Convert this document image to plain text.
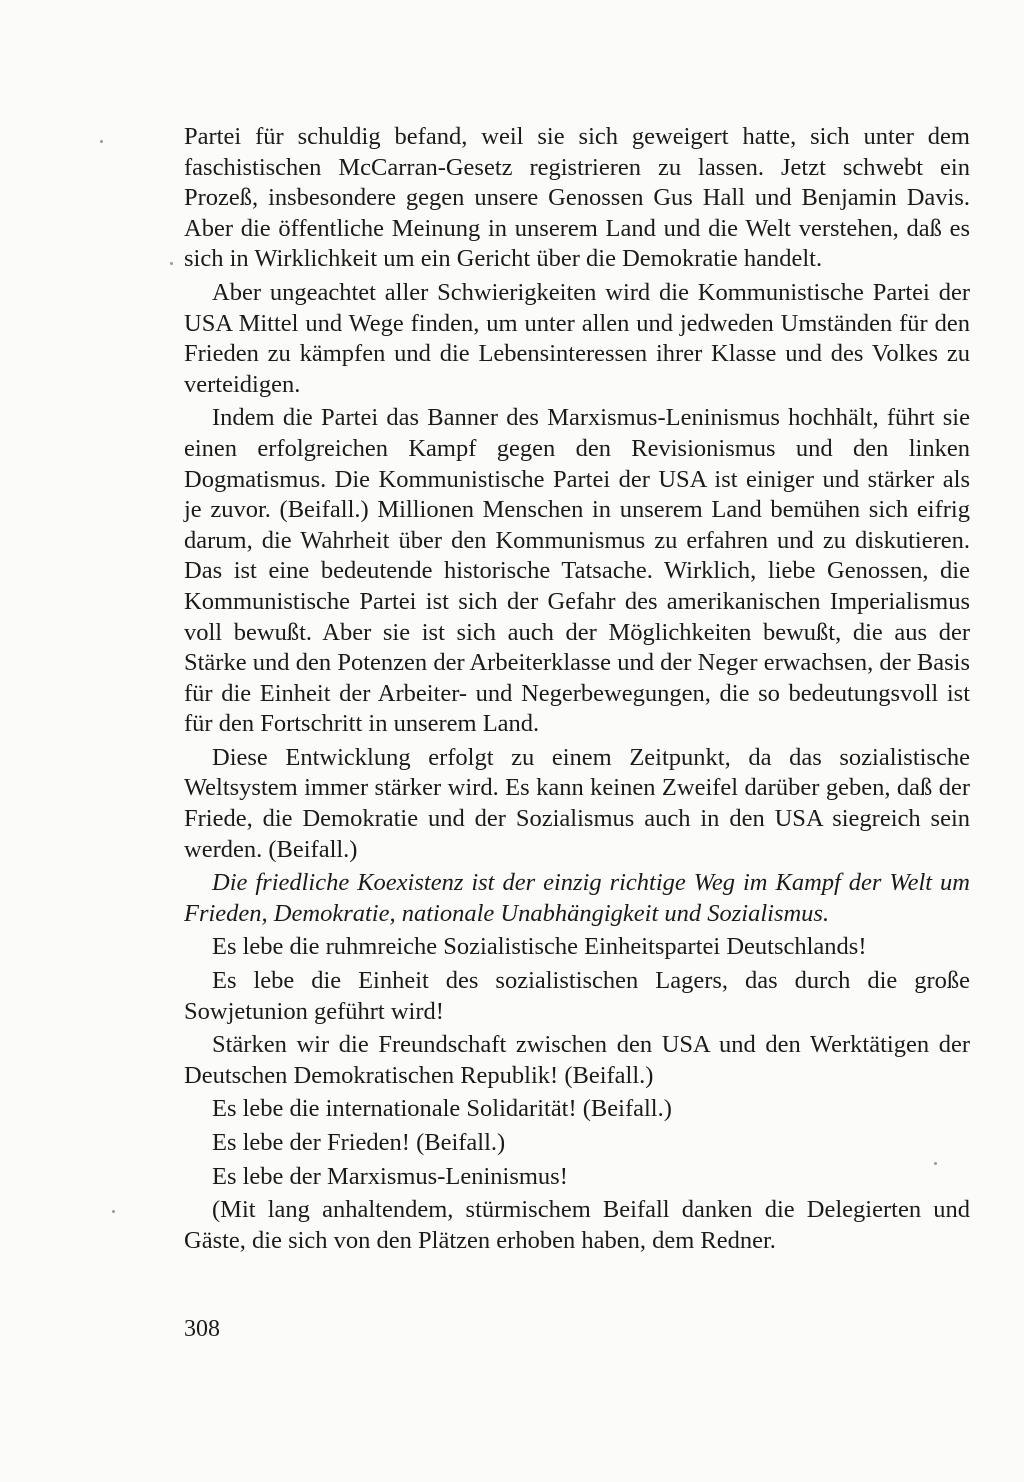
Partei für schuldig befand, weil sie sich geweigert hatte, sich unter dem faschistischen McCarran-Gesetz registrieren zu lassen. Jetzt schwebt ein Prozeß, insbesondere gegen unsere Genossen Gus Hall und Benjamin Davis. Aber die öffentliche Meinung in unserem Land und die Welt verstehen, daß es sich in Wirklichkeit um ein Gericht über die Demokratie handelt.

Aber ungeachtet aller Schwierigkeiten wird die Kommunistische Partei der USA Mittel und Wege finden, um unter allen und jedweden Umständen für den Frieden zu kämpfen und die Lebensinteressen ihrer Klasse und des Volkes zu verteidigen.

Indem die Partei das Banner des Marxismus-Leninismus hochhält, führt sie einen erfolgreichen Kampf gegen den Revisionismus und den linken Dogmatismus. Die Kommunistische Partei der USA ist einiger und stärker als je zuvor. (Beifall.) Millionen Menschen in unserem Land bemühen sich eifrig darum, die Wahrheit über den Kommunismus zu erfahren und zu diskutieren. Das ist eine bedeutende historische Tatsache. Wirklich, liebe Genossen, die Kommunistische Partei ist sich der Gefahr des amerikanischen Imperialismus voll bewußt. Aber sie ist sich auch der Möglichkeiten bewußt, die aus der Stärke und den Potenzen der Arbeiterklasse und der Neger erwachsen, der Basis für die Einheit der Arbeiter- und Negerbewegungen, die so bedeutungsvoll ist für den Fortschritt in unserem Land.

Diese Entwicklung erfolgt zu einem Zeitpunkt, da das sozialistische Weltsystem immer stärker wird. Es kann keinen Zweifel darüber geben, daß der Friede, die Demokratie und der Sozialismus auch in den USA siegreich sein werden. (Beifall.)

Die friedliche Koexistenz ist der einzig richtige Weg im Kampf der Welt um Frieden, Demokratie, nationale Unabhängigkeit und Sozialismus.

Es lebe die ruhmreiche Sozialistische Einheitspartei Deutschlands!

Es lebe die Einheit des sozialistischen Lagers, das durch die große Sowjetunion geführt wird!

Stärken wir die Freundschaft zwischen den USA und den Werktätigen der Deutschen Demokratischen Republik! (Beifall.)

Es lebe die internationale Solidarität! (Beifall.)

Es lebe der Frieden! (Beifall.)

Es lebe der Marxismus-Leninismus!

(Mit lang anhaltendem, stürmischem Beifall danken die Delegierten und Gäste, die sich von den Plätzen erhoben haben, dem Redner.

308
